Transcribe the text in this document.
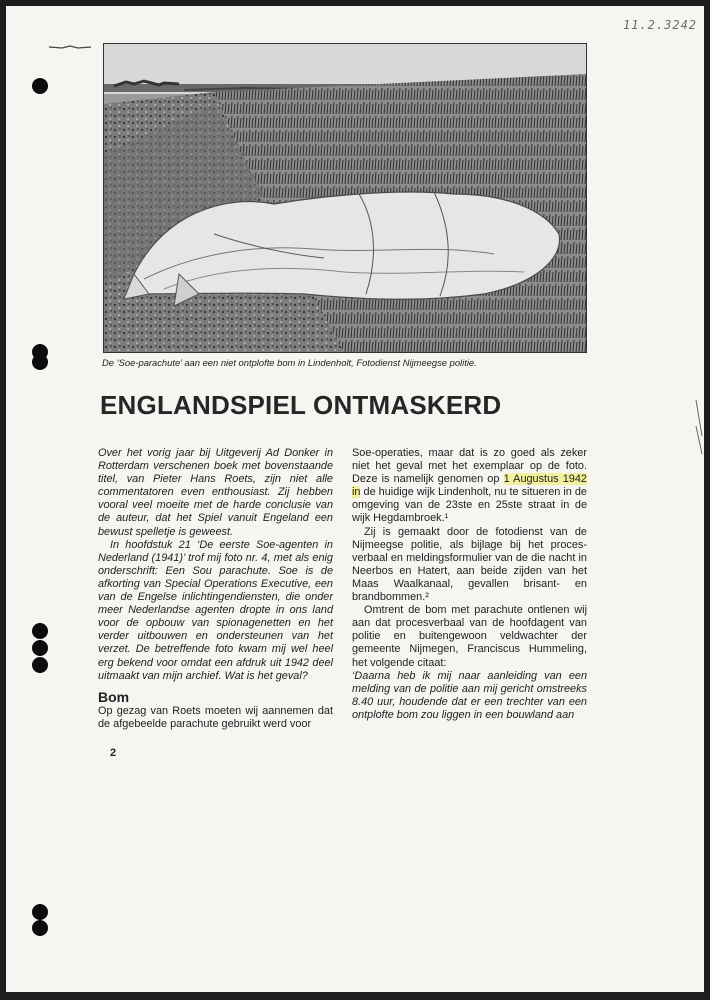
11.2.3242
De ‘Soe-parachute’ aan een niet ontplofte bom in Lindenholt, Fotodienst Nijmeegse politie.
ENGLANDSPIEL ONTMASKERD

Over het vorig jaar bij Uitgeverij Ad Donker in Rotterdam verschenen boek met bovenstaande titel, van Pieter Hans Roets, zijn niet alle commentatoren even enthousiast. Zij hebben vooral veel moeite met de harde conclusie van de auteur, dat het Spiel vanuit Engeland een bewust spelletje is geweest.

In hoofdstuk 21 ‘De eerste Soe-agenten in Nederland (1941)’ trof mij foto nr. 4, met als enig onderschrift: Een Sou parachute. Soe is de afkorting van Special Operations Executive, een van de Engelse inlichtingendiensten, die onder meer Nederlandse agenten dropte in ons land voor de opbouw van spionagenetten en het verder uitbouwen en ondersteunen van het verzet. De betreffende foto kwam mij wel heel erg bekend voor omdat een afdruk uit 1942 deel uitmaakt van mijn archief. Wat is het geval?

Bom

Op gezag van Roets moeten wij aannemen dat de afgebeelde parachute gebruikt werd voor

Soe-operaties, maar dat is zo goed als zeker niet het geval met het exemplaar op de foto. Deze is namelijk genomen op 1 Augustus 1942 in de huidige wijk Lindenholt, nu te situeren in de omgeving van de 23ste en 25ste straat in de wijk Hegdambroek.¹

Zij is gemaakt door de fotodienst van de Nijmeegse politie, als bijlage bij het proces-verbaal en meldingsformulier van de die nacht in Neerbos en Hatert, aan beide zijden van het Maas Waalkanaal, gevallen brisant- en brandbommen.²

Omtrent de bom met parachute ontlenen wij aan dat procesverbaal van de hoofdagent van politie en buitengewoon veldwachter der gemeente Nijmegen, Franciscus Hummeling, het volgende citaat:

‘Daarna heb ik mij naar aanleiding van een melding van de politie aan mij gericht omstreeks 8.40 uur, houdende dat er een trechter van een ontplofte bom zou liggen in een bouwland aan

2
